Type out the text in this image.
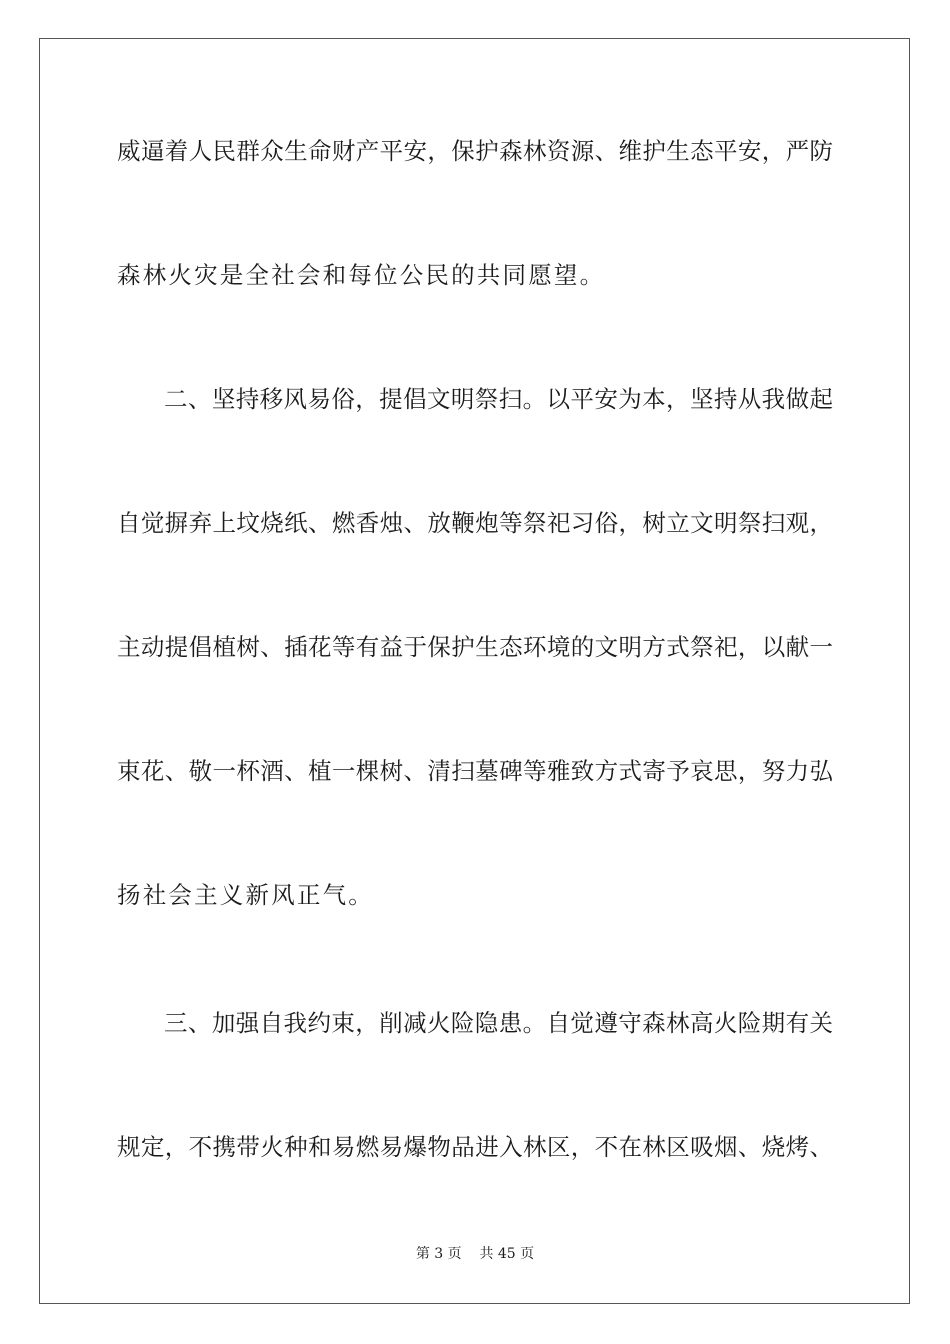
威逼着人民群众生命财产平安，保护森林资源、维护生态平安，严防
森林火灾是全社会和每位公民的共同愿望。
二、坚持移风易俗，提倡文明祭扫。以平安为本，坚持从我做起
自觉摒弃上坟烧纸、燃香烛、放鞭炮等祭祀习俗，树立文明祭扫观，
主动提倡植树、插花等有益于保护生态环境的文明方式祭祀，以献一
束花、敬一杯酒、植一棵树、清扫墓碑等雅致方式寄予哀思，努力弘
扬社会主义新风正气。
三、加强自我约束，削减火险隐患。自觉遵守森林高火险期有关
规定，不携带火种和易燃易爆物品进入林区，不在林区吸烟、烧烤、
第 3 页 共 45 页
